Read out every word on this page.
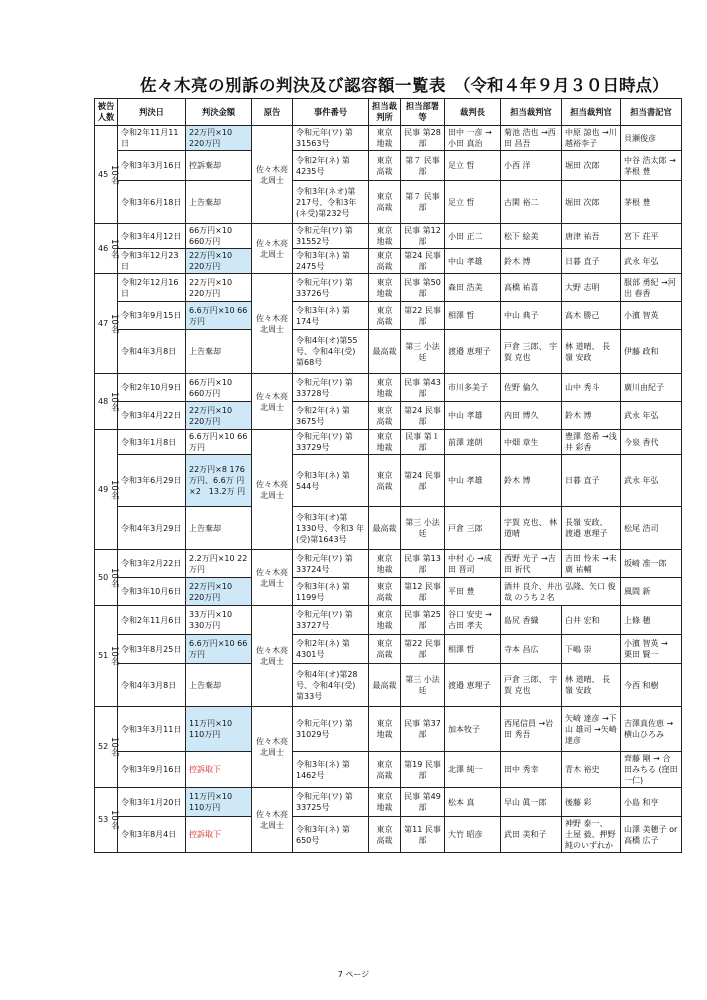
佐々木亮の別訴の判決及び認容額一覧表 （令和４年９月３０日時点）
被告人数	判決日	判決金額	原告	事件番号	担当裁判所	担当部署等	裁判長	担当裁判官	担当裁判官	担当書記官

45 10名	令和2年11月11日	22万円×10 220万円	佐々木亮 北周士	令和元年(ワ) 第31563号	東京 地裁	民事 第28部	田中 一彦 →小田 真治	菊池 浩也 →西田 昌吾	中原 諒也 →川越裕李子	貝瀬俊彦
	令和3年3月16日	控訴棄却		令和2年(ネ) 第4235号	東京 高裁	第７ 民事部	足立 哲	小西 洋	堀田 次郎	中谷 浩太郎 →茅根 豊
	令和3年6月18日	上告棄却		令和3年(ネオ)第 217号、令和3年 (ネ受)第232号	東京 高裁	第７ 民事部	足立 哲	古閑 裕二	堀田 次郎	茅根 豊

46 10名	令和3年4月12日	66万円×10 660万円	佐々木亮 北周士	令和元年(ワ) 第31552号	東京 地裁	民事 第12部	小田 正二	松下 絵美	唐津 祐吾	宮下 荘平
	令和3年12月23日	22万円×10 220万円		令和3年(ネ) 第2475号	東京 高裁	第24 民事部	中山 孝雄	鈴木 博	日暮 直子	武永 年弘

47 10名	令和2年12月16日	22万円×10 220万円	佐々木亮 北周士	令和元年(ワ) 第33726号	東京 地裁	民事 第50部	森田 浩美	高橋 祐喜	大野 志明	服部 勇紀 →河出 春香
	令和3年9月15日	6.6万円×10 66万円		令和3年(ネ) 第174号	東京 高裁	第22 民事部	相澤 哲	中山 典子	高木 勝己	小濱 智英
	令和4年3月8日	上告棄却		令和4年(オ)第55 号、令和4年(受) 第68号	最高裁	第三 小法廷	渡邉 恵理子	戸倉 三郎、 宇賀 克也	林 道晴、 長嶺 安政	伊藤 政和

48 10名	令和2年10月9日	66万円×10 660万円	佐々木亮 北周士	令和元年(ワ) 第33728号	東京 地裁	民事 第43部	市川多美子	佐野 倫久	山中 秀斗	廣川由紀子
	令和3年4月22日	22万円×10 220万円		令和2年(ネ) 第3675号	東京 高裁	第24 民事部	中山 孝雄	内田 博久	鈴木 博	武永 年弘

49 10名	令和3年1月8日	6.6万円×10 66万円	佐々木亮 北周士	令和元年(ワ) 第33729号	東京 地裁	民事 第１部	前澤 達朗	中畑 章生	豊澤 悠希 →浅井 彩香	今泉 香代
	令和3年6月29日	22万円×8 176万円、6.6万 円×2　13.2万 円		令和3年(ネ) 第544号	東京 高裁	第24 民事部	中山 孝雄	鈴木 博	日暮 直子	武永 年弘
	令和4年3月29日	上告棄却		令和3年(オ)第 1330号、令和3 年(受)第1643号	最高裁	第三 小法廷	戸倉 三郎	宇賀 克也、 林 道晴	長嶺 安政、 渡邉 恵理子	松尾 浩司

50 10名	令和3年2月22日	2.2万円×10 22万円	佐々木亮 北周士	令和元年(ワ) 第33724号	東京 地裁	民事 第13部	中村 心 →成田 晋司	西野 光子 →吉田 祈代	吉田 怜未 →末廣 祐輔	坂崎 准一郎
	令和3年10月6日	22万円×10 220万円		令和3年(ネ) 第1199号	東京 高裁	第12 民事部	平田 豊	酒井 良介、井出 弘隆、矢口 俊哉 のうち２名		風間 新

51 10名	令和2年11月6日	33万円×10 330万円	佐々木亮 北周士	令和元年(ワ) 第33727号	東京 地裁	民事 第25部	谷口 安史 →古田 孝夫	島尻 香織	白井 宏和	上條 穂
	令和3年8月25日	6.6万円×10 66万円		令和2年(ネ) 第4301号	東京 高裁	第22 民事部	相澤 哲	寺本 昌広	下嶋 崇	小濱 智英 → 栗田 賢一
	令和4年3月8日	上告棄却		令和4年(オ)第28 号、令和4年(受) 第33号	最高裁	第三 小法廷	渡邉 恵理子	戸倉 三郎、 宇賀 克也	林 道晴、 長嶺 安政	今西 和樹

52 10名	令和3年3月11日	11万円×10 110万円	佐々木亮 北周士	令和元年(ワ) 第31029号	東京 地裁	民事 第37部	加本牧子	西尾信員 →岩田 秀吾	矢崎 達彦 →下山 雄司 →矢崎 達彦	吉澤真佐恵 →横山ひろみ
	令和3年9月16日	控訴取下		令和3年(ネ) 第1462号	東京 高裁	第19 民事部	北澤 純一	田中 秀幸	青木 裕史	齊藤 剛 → 合田みちる (窪田 一仁)

53 10名	令和3年1月20日	11万円×10 110万円	佐々木亮 北周士	令和元年(ワ) 第33725号	東京 地裁	民事 第49部	松本 真	早山 眞一郎	後藤 彩	小島 和亨
	令和3年8月4日	控訴取下		令和3年(ネ) 第650号	東京 高裁	第11 民事部	大竹 昭彦	武田 美和子	神野 泰一、 土屋 毅、押野 純のいずれか	山澤 美穂子 or高橋 広子
7 ページ
